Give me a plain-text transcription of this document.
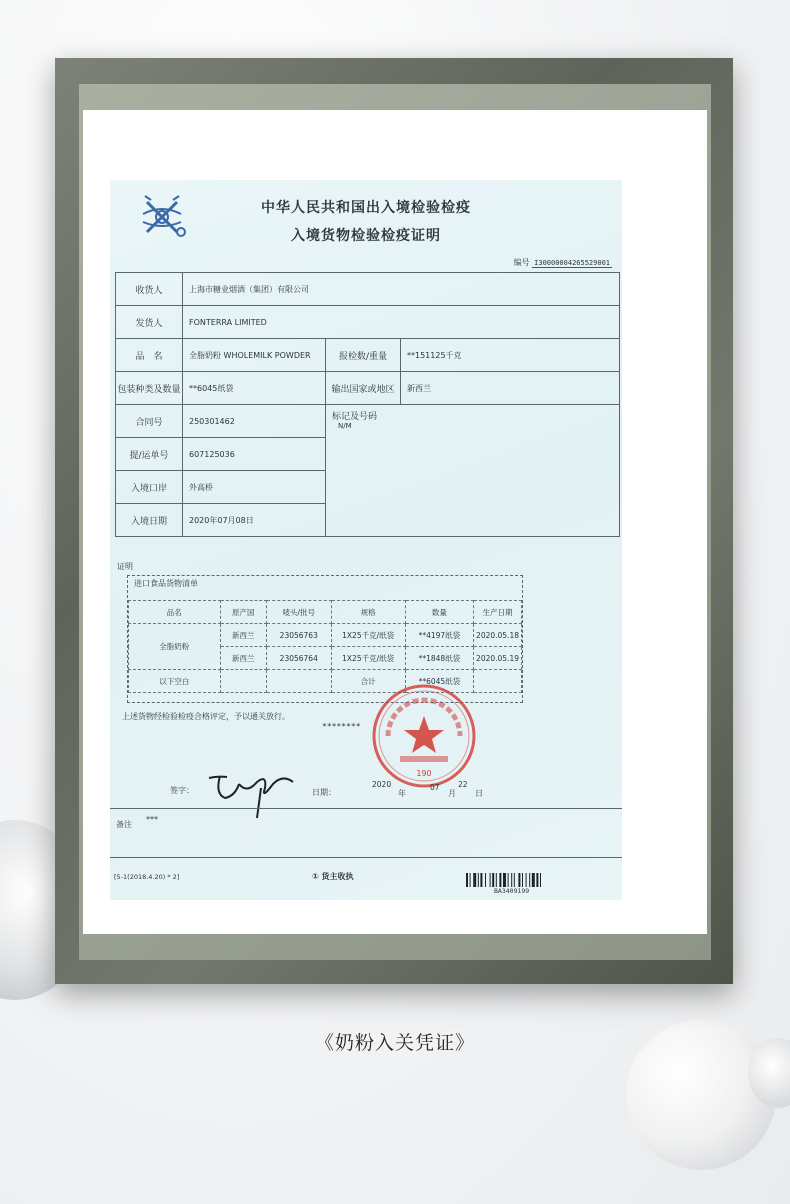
中华人民共和国出入境检验检疫
入境货物检验检疫证明
编号 I30000004265529001
收货人	上海市糖业烟酒（集团）有限公司		
发货人	FONTERRA LIMITED		
品　名	全脂奶粉 WHOLEMILK POWDER	报检数/重量	**151125千克
包装种类及数量	**6045纸袋	输出国家或地区	新西兰
合同号	250301462	标记及号码
N/M	

提/运单号	607125036		
入境口岸	外高桥		
入境日期	2020年07月08日		
证明
进口食品货物清单
品名	原产国	唛头/批号	规格	数量	生产日期
全脂奶粉	新西兰	23056763	1X25千克/纸袋	**4197纸袋	2020.05.18
	新西兰	23056764	1X25千克/纸袋	**1848纸袋	2020.05.19
以下空白			合计	**6045纸袋	
上述货物经检验检疫合格评定，予以通关放行。
********
190
签字：	日期：
2020
年
07
月
22
日
备注
***
[5-1(2018.4.20) * 2]	① 货主收执
BA3409199
《奶粉入关凭证》
